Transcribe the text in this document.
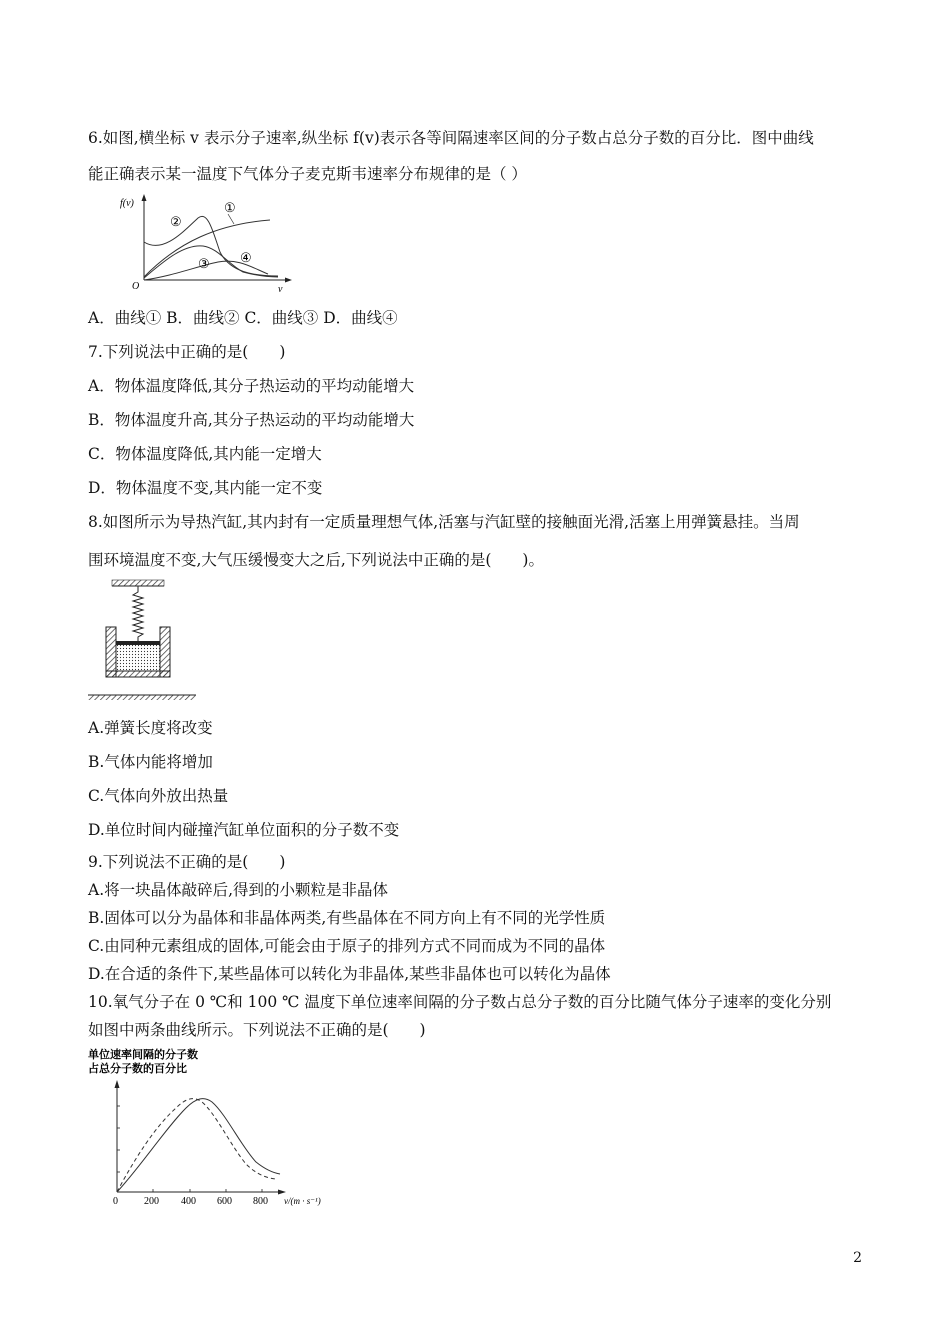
6.如图,横坐标 v 表示分子速率,纵坐标 f(v)表示各等间隔速率区间的分子数占总分子数的百分比．图中曲线
能正确表示某一温度下气体分子麦克斯韦速率分布规律的是（ ）
f(v)
v
O
①
②
③ ④
A．曲线① B．曲线② C．曲线③ D．曲线④
7.下列说法中正确的是(　　)
A．物体温度降低,其分子热运动的平均动能增大
B．物体温度升高,其分子热运动的平均动能增大
C．物体温度降低,其内能一定增大
D．物体温度不变,其内能一定不变
8.如图所示为导热汽缸,其内封有一定质量理想气体,活塞与汽缸壁的接触面光滑,活塞上用弹簧悬挂。当周
围环境温度不变,大气压缓慢变大之后,下列说法中正确的是(　　)。
A.弹簧长度将改变
B.气体内能将增加
C.气体向外放出热量
D.单位时间内碰撞汽缸单位面积的分子数不变
9.下列说法不正确的是(　　)
A.将一块晶体敲碎后,得到的小颗粒是非晶体
B.固体可以分为晶体和非晶体两类,有些晶体在不同方向上有不同的光学性质
C.由同种元素组成的固体,可能会由于原子的排列方式不同而成为不同的晶体
D.在合适的条件下,某些晶体可以转化为非晶体,某些非晶体也可以转化为晶体
10.氧气分子在 0 ℃和 100 ℃ 温度下单位速率间隔的分子数占总分子数的百分比随气体分子速率的变化分别
如图中两条曲线所示。下列说法不正确的是(　　)
单位速率间隔的分子数
占总分子数的百分比
0	200 400 600 800 v/(m · s⁻¹)
2
